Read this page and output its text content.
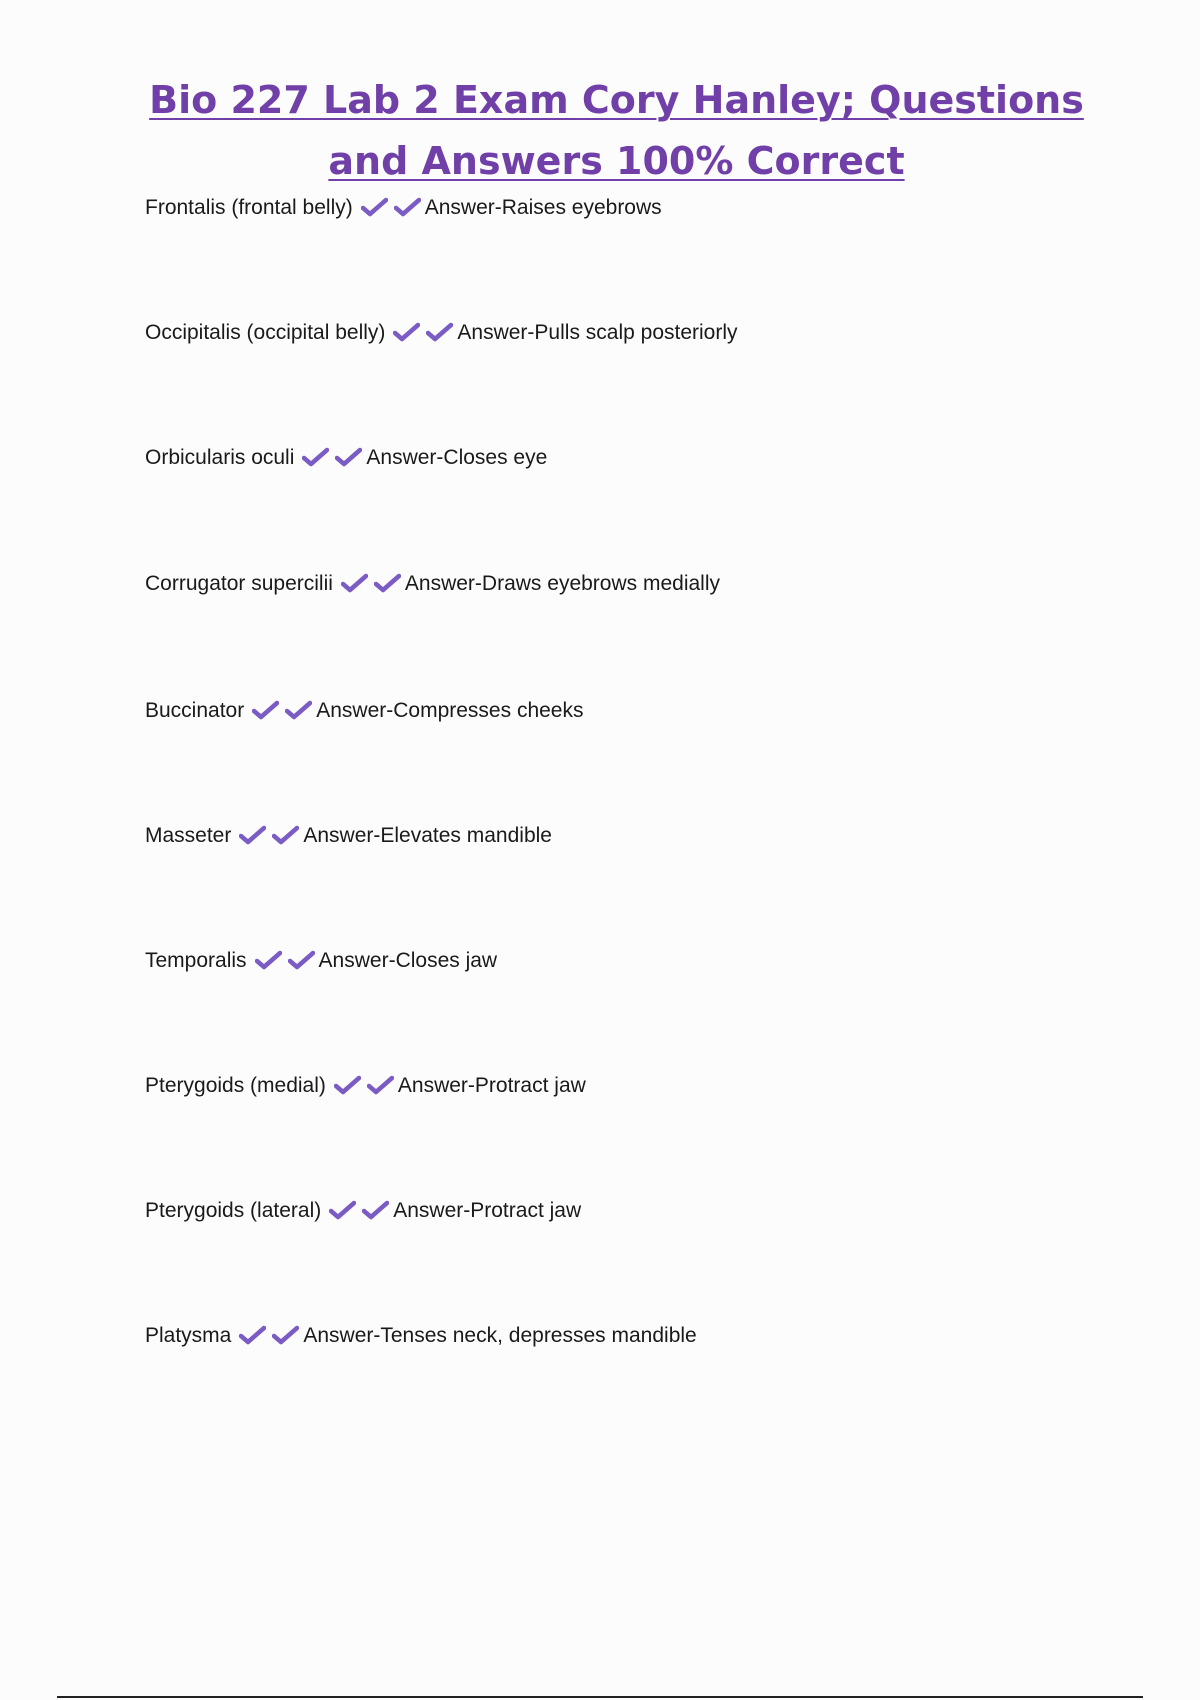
Bio 227 Lab 2 Exam Cory Hanley; Questions
and Answers 100% Correct
Frontalis (frontal belly)	Answer-Raises eyebrows
Occipitalis (occipital belly)	Answer-Pulls scalp posteriorly
Orbicularis oculi	Answer-Closes eye
Corrugator supercilii	Answer-Draws eyebrows medially
Buccinator	Answer-Compresses cheeks
Masseter	Answer-Elevates mandible
Temporalis	Answer-Closes jaw
Pterygoids (medial)	Answer-Protract jaw
Pterygoids (lateral)	Answer-Protract jaw
Platysma	Answer-Tenses neck, depresses mandible
